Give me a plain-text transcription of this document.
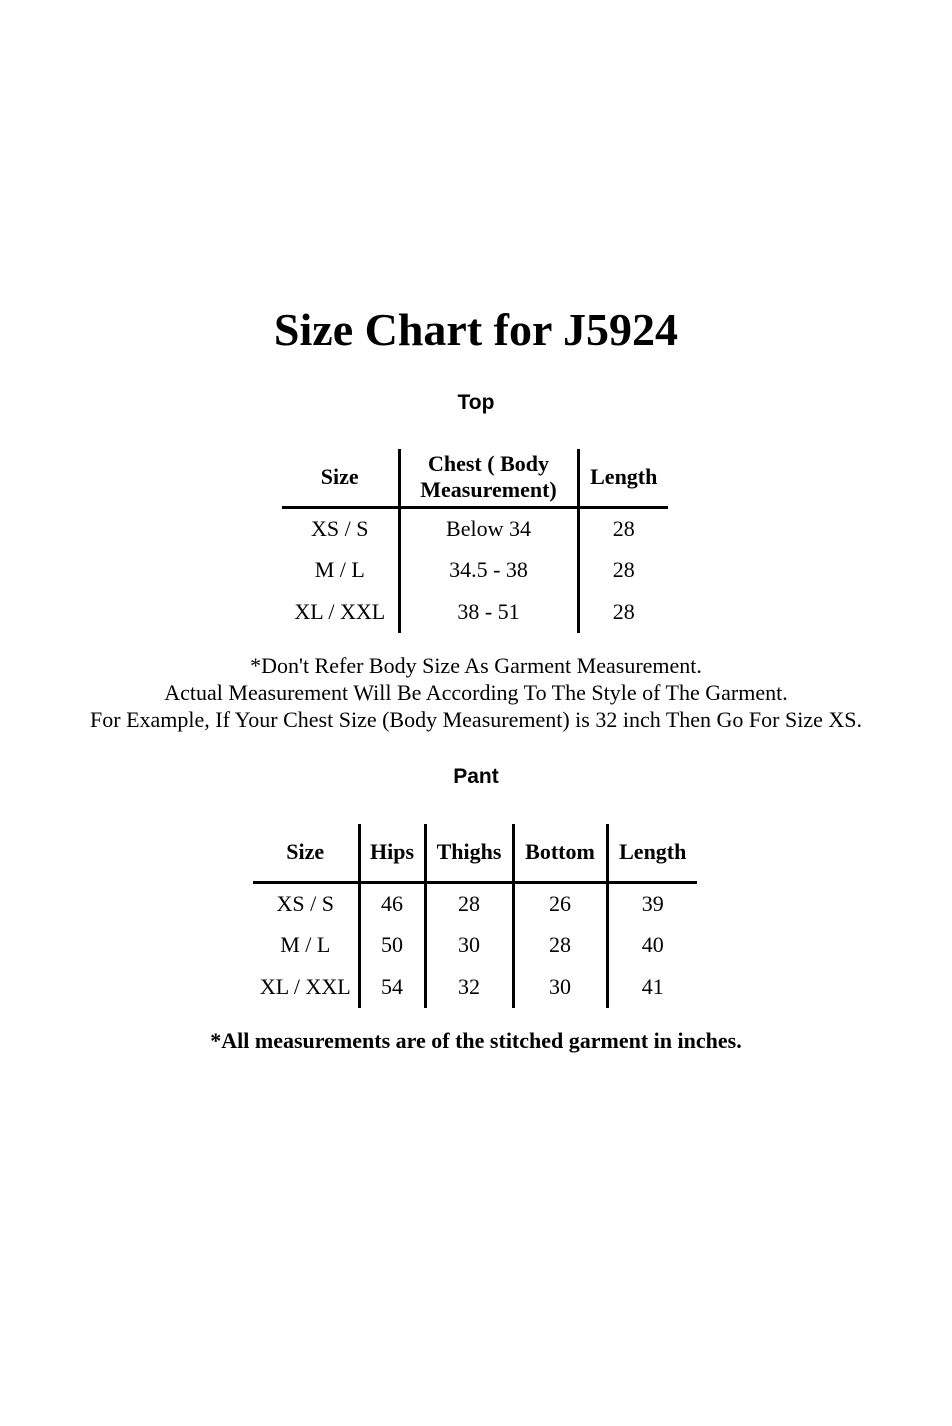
Size Chart for J5924
Top
Size	Chest ( Body Measurement)	Length
XS / S	Below 34	28
M / L	34.5 - 38	28
XL / XXL	38 - 51	28
*Don't Refer Body Size As Garment Measurement.
Actual Measurement Will Be According To The Style of The Garment.
For Example, If Your Chest Size (Body Measurement) is 32 inch Then Go For Size XS.
Pant
Size	Hips	Thighs	Bottom	Length
XS / S	46	28	26	39
M / L	50	30	28	40
XL / XXL	54	32	30	41
*All measurements are of the stitched garment in inches.
